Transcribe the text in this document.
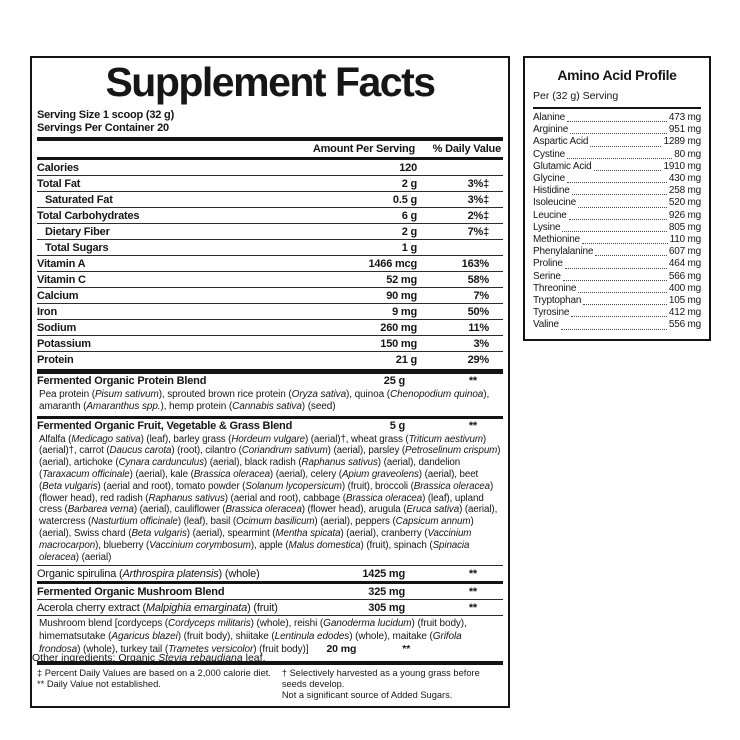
Supplement Facts
Serving Size 1 scoop (32 g)
Servings Per Container 20
Amount Per Serving	% Daily Value
Calories	120
Total Fat	2 g	3%‡
Saturated Fat	0.5 g	3%‡
Total Carbohydrates	6 g	2%‡
Dietary Fiber	2 g	7%‡
Total Sugars	1 g
Vitamin A	1466 mcg	163%
Vitamin C	52 mg	58%
Calcium	90 mg	7%
Iron	9 mg	50%
Sodium	260 mg	11%
Potassium	150 mg	3%
Protein	21 g	29%
Fermented Organic Protein Blend	25 g	**
Pea protein (Pisum sativum), sprouted brown rice protein (Oryza sativa), quinoa (Chenopodium quinoa), amaranth (Amaranthus spp.), hemp protein (Cannabis sativa) (seed)
Fermented Organic Fruit, Vegetable & Grass Blend	5 g	**
Alfalfa (Medicago sativa) (leaf), barley grass (Hordeum vulgare) (aerial)†, wheat grass (Triticum aestivum) (aerial)†, carrot (Daucus carota) (root), cilantro (Coriandrum sativum) (aerial), parsley (Petroselinum crispum) (aerial), artichoke (Cynara cardunculus) (aerial), black radish (Raphanus sativus) (aerial), dandelion (Taraxacum officinale) (aerial), kale (Brassica oleracea) (aerial), celery (Apium graveolens) (aerial), beet (Beta vulgaris) (aerial and root), tomato powder (Solanum lycopersicum) (fruit), broccoli (Brassica oleracea) (flower head), red radish (Raphanus sativus) (aerial and root), cabbage (Brassica oleracea) (leaf), upland cress (Barbarea verna) (aerial), cauliflower (Brassica oleracea) (flower head), arugula (Eruca sativa) (aerial), watercress (Nasturtium officinale) (leaf), basil (Ocimum basilicum) (aerial), peppers (Capsicum annum) (aerial), Swiss chard (Beta vulgaris) (aerial), spearmint (Mentha spicata) (aerial), cranberry (Vaccinium macrocarpon), blueberry (Vaccinium corymbosum), apple (Malus domestica) (fruit), spinach (Spinacia oleracea) (aerial)
Organic spirulina (Arthrospira platensis) (whole)	1425 mg	**
Fermented Organic Mushroom Blend	325 mg	**
Acerola cherry extract (Malpighia emarginata) (fruit)	305 mg	**
Mushroom blend [cordyceps (Cordyceps militaris) (whole), reishi (Ganoderma lucidum) (fruit body), himematsutake (Agaricus blazei) (fruit body), shiitake (Lentinula edodes) (whole), maitake (Grifola frondosa) (whole), turkey tail (Trametes versicolor) (fruit body)] 20 mg	**
‡ Percent Daily Values are based on a 2,000 calorie diet.
** Daily Value not established.
† Selectively harvested as a young grass before seeds develop.
Not a significant source of Added Sugars.
Other ingredients: Organic Stevia rebaudiana leaf.
Amino Acid Profile
Per (32 g) Serving
Alanine	473 mg
Arginine	951 mg
Aspartic Acid	1289 mg
Cystine	80 mg
Glutamic Acid	1910 mg
Glycine	430 mg
Histidine	258 mg
Isoleucine	520 mg
Leucine	926 mg
Lysine	805 mg
Methionine	110 mg
Phenylalanine	607 mg
Proline	464 mg
Serine	566 mg
Threonine	400 mg
Tryptophan	105 mg
Tyrosine	412 mg
Valine	556 mg
